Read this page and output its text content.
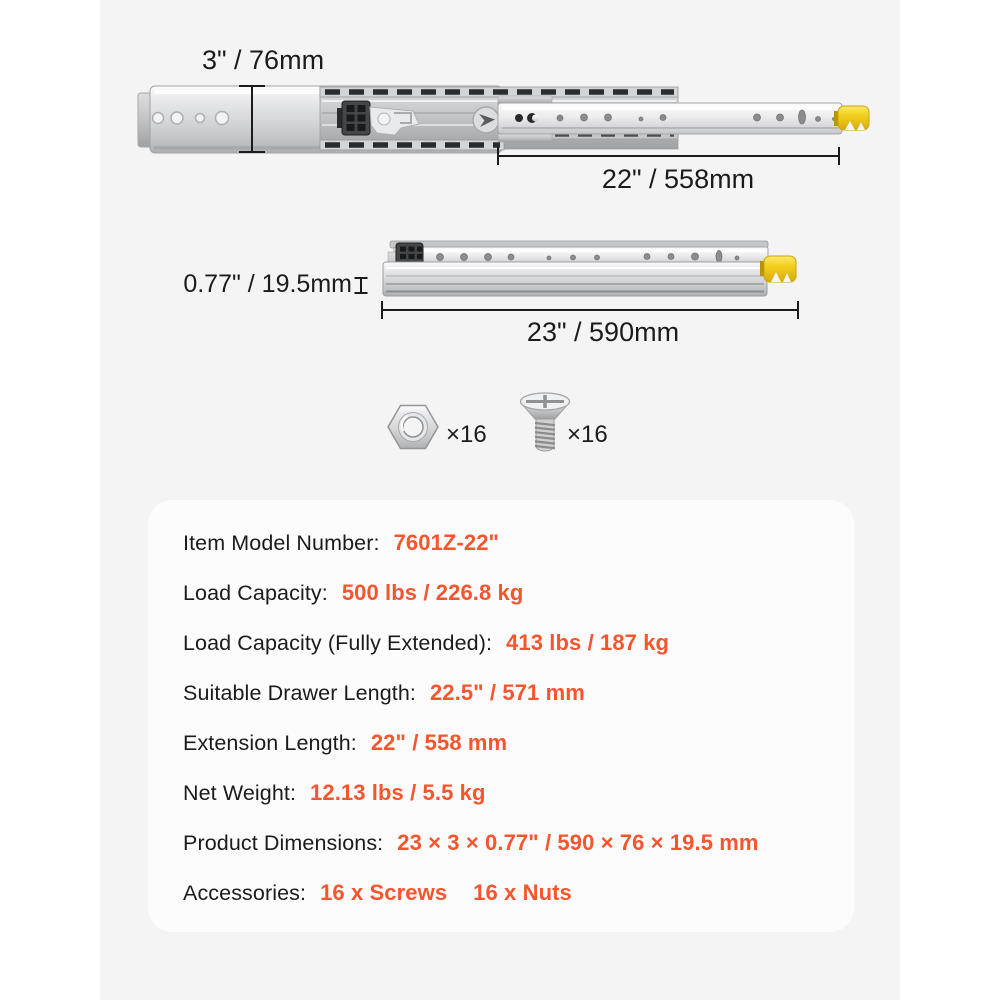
3" / 76mm
22" / 558mm
0.77" / 19.5mm
23" / 590mm
×16	×16
Item Model Number: 7601Z-22"
Load Capacity: 500 lbs / 226.8 kg
Load Capacity (Fully Extended): 413 lbs / 187 kg
Suitable Drawer Length: 22.5" / 571 mm
Extension Length: 22" / 558 mm
Net Weight: 12.13 lbs / 5.5 kg
Product Dimensions: 23 × 3 × 0.77" / 590 × 76 × 19.5 mm
Accessories: 16 x Screws 16 x Nuts
